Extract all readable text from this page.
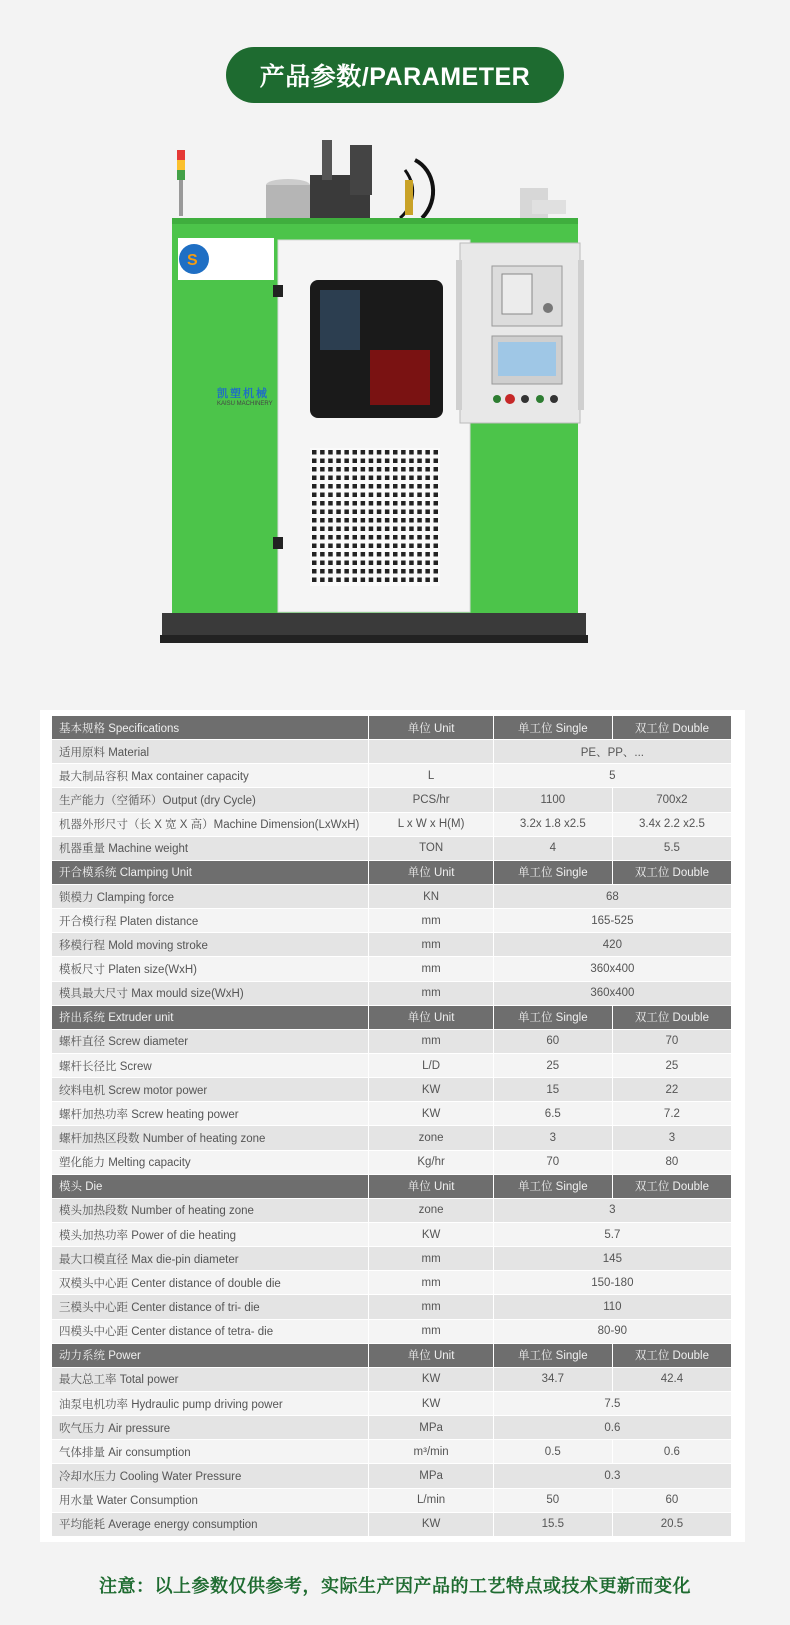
产品参数/PARAMETER
S
凯塑机械
KAISU MACHINERY
基本规格 Specifications	单位 Unit	单工位 Single	双工位 Double
适用原料 Material		PE、PP、...	
最大制品容积 Max container capacity	L	5	
生产能力（空循环）Output (dry Cycle)	PCS/hr	1100	700x2
机器外形尺寸（长 X 宽 X 高）Machine Dimension(LxWxH)	L x W x H(M)	3.2x 1.8 x2.5	3.4x 2.2 x2.5
机器重量 Machine weight	TON	4	5.5
开合模系统 Clamping Unit	单位 Unit	单工位 Single	双工位 Double
锁模力 Clamping force	KN	68	
开合模行程 Platen distance	mm	165-525	
移模行程 Mold moving stroke	mm	420	
模板尺寸 Platen size(WxH)	mm	360x400	
模具最大尺寸 Max mould size(WxH)	mm	360x400	
挤出系统 Extruder unit	单位 Unit	单工位 Single	双工位 Double
螺杆直径 Screw diameter	mm	60	70
螺杆长径比 Screw	L/D	25	25
绞料电机 Screw motor power	KW	15	22
螺杆加热功率 Screw heating power	KW	6.5	7.2
螺杆加热区段数 Number of heating zone	zone	3	3
塑化能力 Melting capacity	Kg/hr	70	80
模头 Die	单位 Unit	单工位 Single	双工位 Double
模头加热段数 Number of heating zone	zone	3	
模头加热功率 Power of die heating	KW	5.7	
最大口模直径 Max die-pin diameter	mm	145	
双模头中心距 Center distance of double die	mm	150-180	
三模头中心距 Center distance of tri- die	mm	110	
四模头中心距 Center distance of tetra- die	mm	80-90	
动力系统 Power	单位 Unit	单工位 Single	双工位 Double
最大总工率 Total power	KW	34.7	42.4
油泵电机功率 Hydraulic pump driving power	KW	7.5	
吹气压力 Air pressure	MPa	0.6	
气体排量 Air consumption	m³/min	0.5	0.6
冷却水压力 Cooling Water Pressure	MPa	0.3	
用水量 Water Consumption	L/min	50	60
平均能耗 Average energy consumption	KW	15.5	20.5
注意：以上参数仅供参考，实际生产因产品的工艺特点或技术更新而变化
